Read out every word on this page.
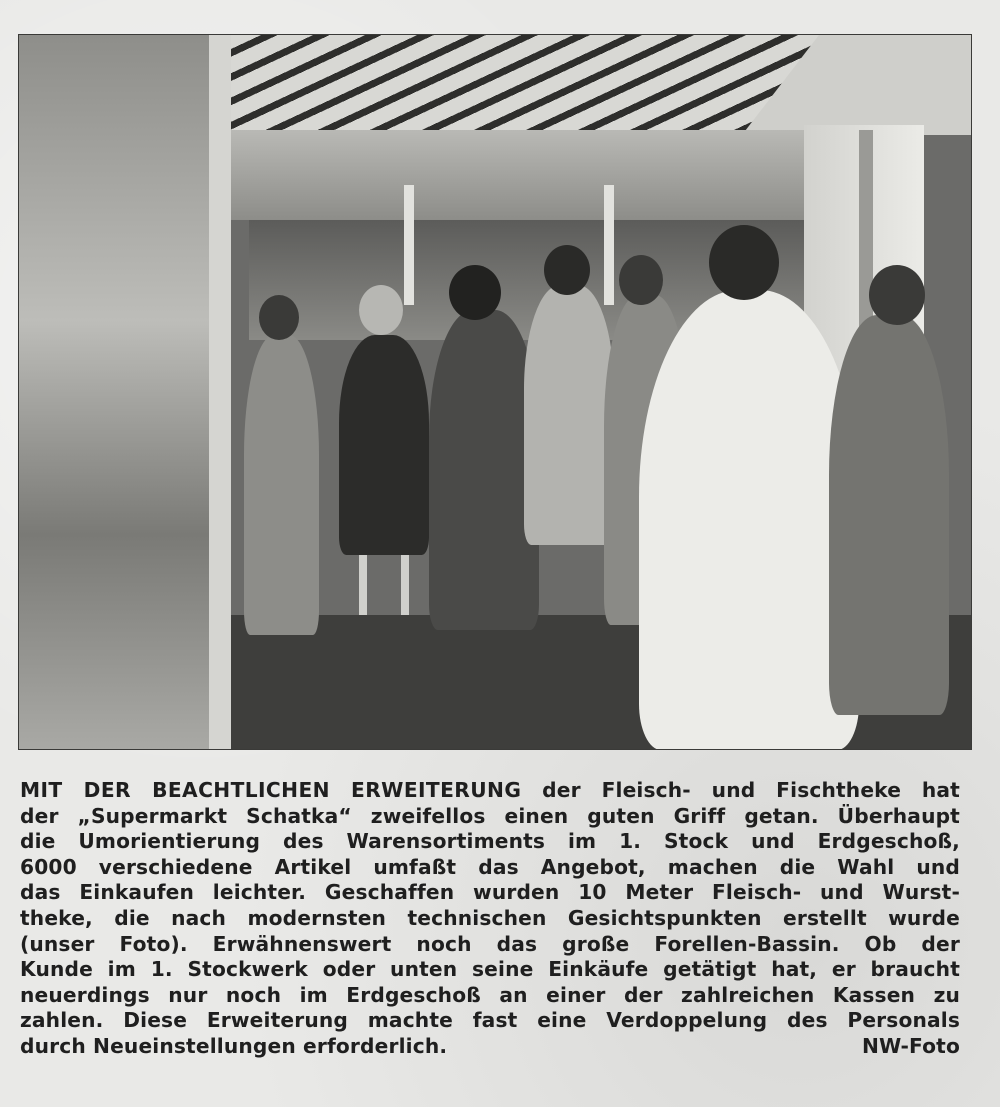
MIT DER BEACHTLICHEN ERWEITERUNG der Fleisch- und Fischtheke hat
der „Supermarkt Schatka“ zweifellos einen guten Griff getan. Überhaupt
die Umorientierung des Warensortiments im 1. Stock und Erdgeschoß,
6000 verschiedene Artikel umfaßt das Angebot, machen die Wahl und
das Einkaufen leichter. Geschaffen wurden 10 Meter Fleisch- und Wurst-
theke, die nach modernsten technischen Gesichtspunkten erstellt wurde
(unser Foto). Erwähnenswert noch das große Forellen-Bassin. Ob der
Kunde im 1. Stockwerk oder unten seine Einkäufe getätigt hat, er braucht
neuerdings nur noch im Erdgeschoß an einer der zahlreichen Kassen zu
zahlen. Diese Erweiterung machte fast eine Verdoppelung des Personals
durch Neueinstellungen erforderlich.	NW-Foto
